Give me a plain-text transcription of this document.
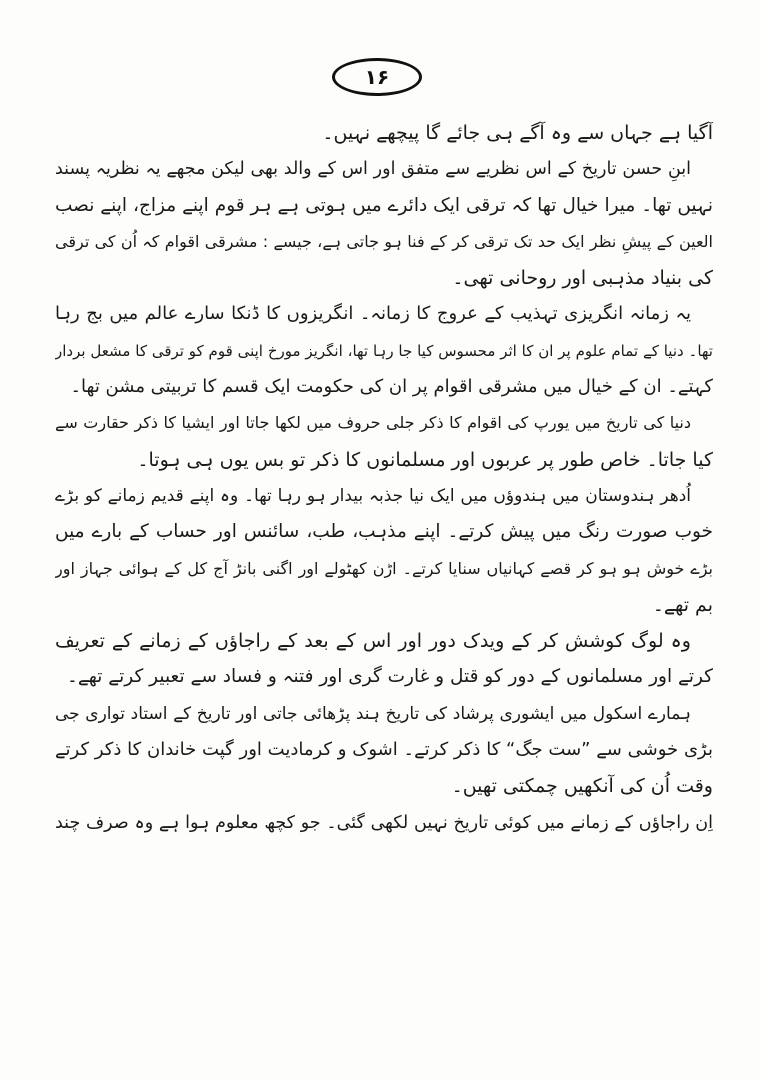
۱۶
آگیا ہے جہاں سے وہ آگے ہی جائے گا پیچھے نہیں۔
ابنِ حسن تاریخ کے اس نظریے سے متفق اور اس کے والد بھی لیکن مجھے یہ نظریہ پسند
نہیں تھا۔ میرا خیال تھا کہ ترقی ایک دائرے میں ہوتی ہے ہر قوم اپنے مزاج، اپنے نصب
العین کے پیشِ نظر ایک حد تک ترقی کر کے فنا ہو جاتی ہے، جیسے : مشرقی اقوام کہ اُن کی ترقی
کی بنیاد مذہبی اور روحانی تھی۔
یہ زمانہ انگریزی تہذیب کے عروج کا زمانہ۔ انگریزوں کا ڈنکا سارے عالم میں بج رہا
تھا۔ دنیا کے تمام علوم پر ان کا اثر محسوس کیا جا رہا تھا، انگریز مورخ اپنی قوم کو ترقی کا مشعل بردار
کہتے۔ ان کے خیال میں مشرقی اقوام پر ان کی حکومت ایک قسم کا تربیتی مشن تھا۔
دنیا کی تاریخ میں یورپ کی اقوام کا ذکر جلی حروف میں لکھا جاتا اور ایشیا کا ذکر حقارت سے
کیا جاتا۔ خاص طور پر عربوں اور مسلمانوں کا ذکر تو بس یوں ہی ہوتا۔
اُدھر ہندوستان میں ہندوؤں میں ایک نیا جذبہ بیدار ہو رہا تھا۔ وہ اپنے قدیم زمانے کو بڑے
خوب صورت رنگ میں پیش کرتے۔ اپنے مذہب، طب، سائنس اور حساب کے بارے میں
بڑے خوش ہو ہو کر قصے کہانیاں سنایا کرتے۔ اڑن کھٹولے اور اگنی بانڑ آج کل کے ہوائی جہاز اور
بم تھے۔
وہ لوگ کوشش کر کے ویدک دور اور اس کے بعد کے راجاؤں کے زمانے کے تعریف
کرتے اور مسلمانوں کے دور کو قتل و غارت گری اور فتنہ و فساد سے تعبیر کرتے تھے۔
ہمارے اسکول میں ایشوری پرشاد کی تاریخ ہند پڑھائی جاتی اور تاریخ کے استاد تواری جی
بڑی خوشی سے ”ست جگ“ کا ذکر کرتے۔ اشوک و کرمادیت اور گپت خاندان کا ذکر کرتے
وقت اُن کی آنکھیں چمکتی تھیں۔
اِن راجاؤں کے زمانے میں کوئی تاریخ نہیں لکھی گئی۔ جو کچھ معلوم ہوا ہے وہ صرف چند
